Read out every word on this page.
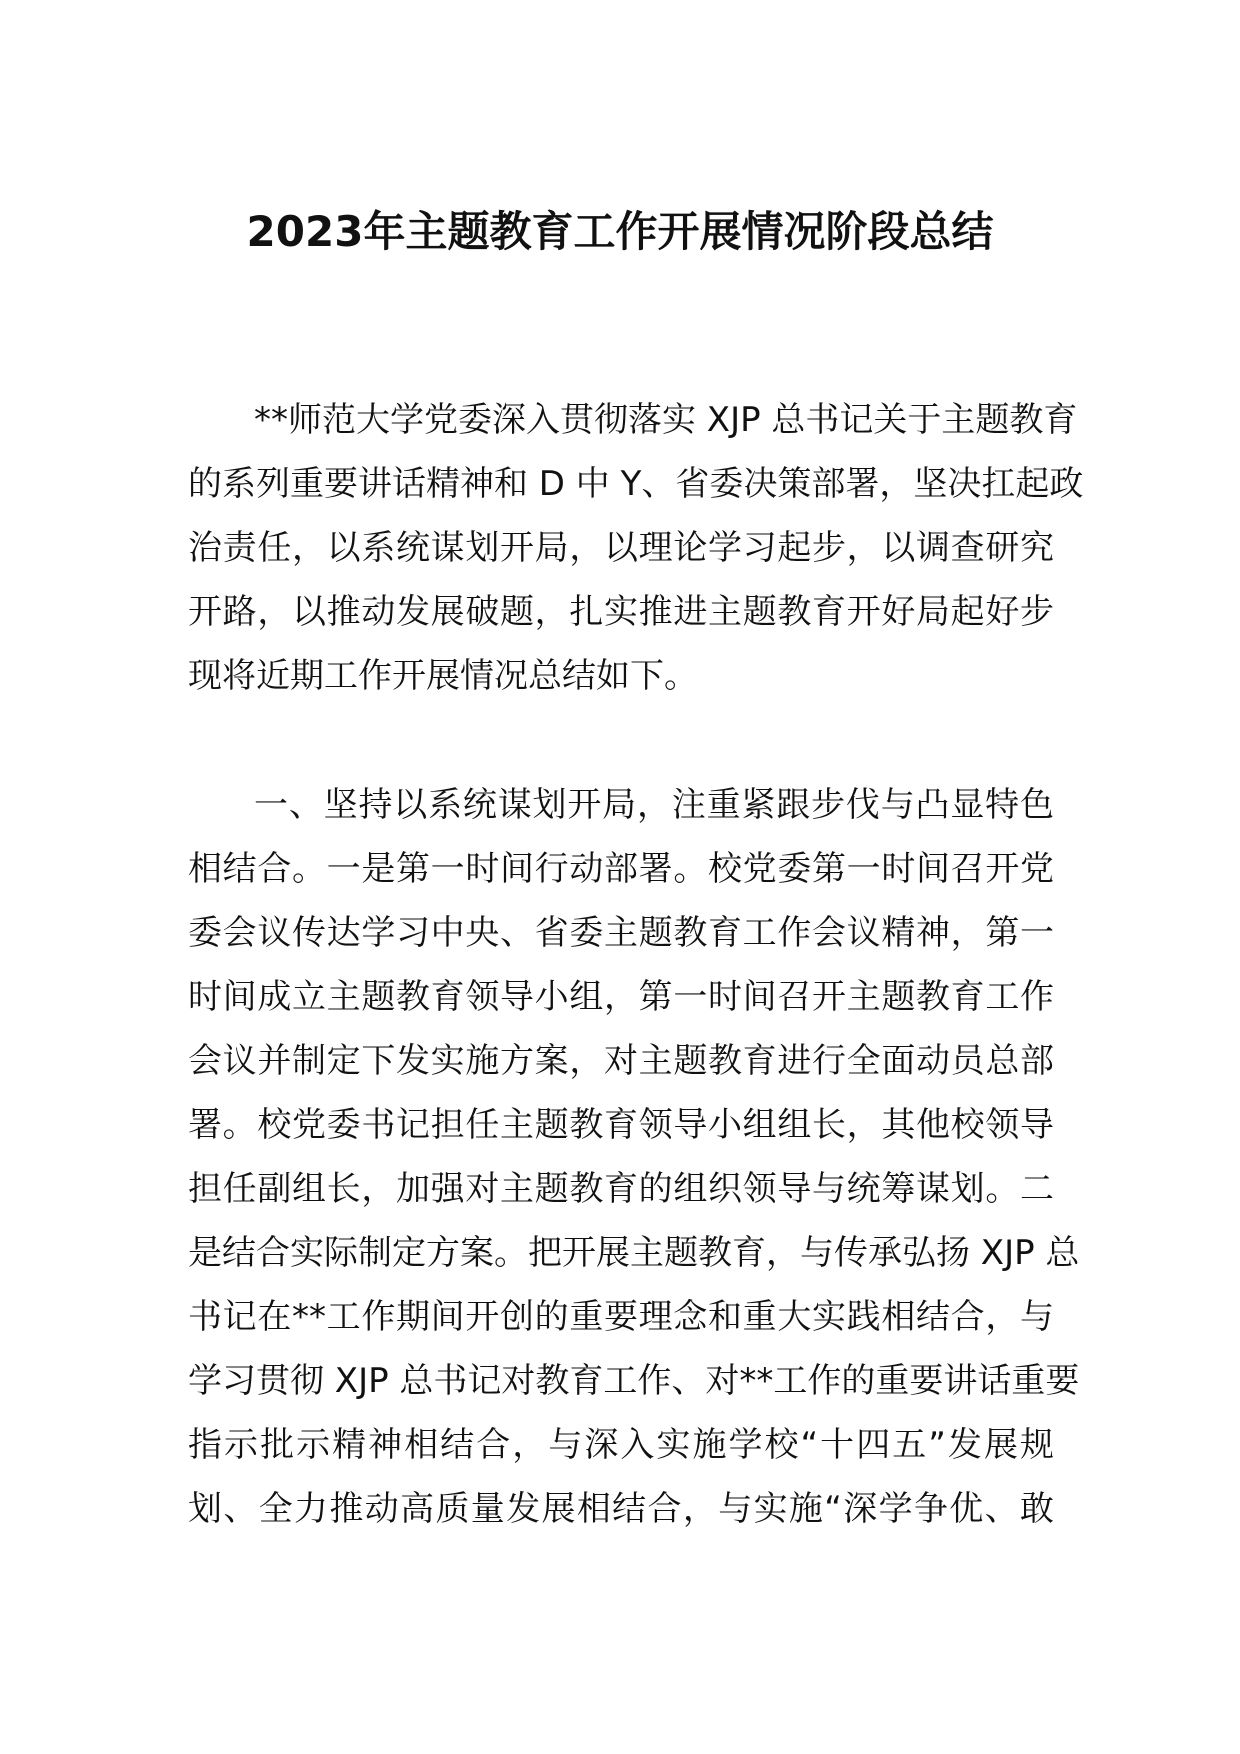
2023年主题教育工作开展情况阶段总结
**师范大学党委深入贯彻落实 XJP 总书记关于主题教育
的系列重要讲话精神和 D 中 Y、省委决策部署，坚决扛起政
治责任，以系统谋划开局，以理论学习起步，以调查研究
开路，以推动发展破题，扎实推进主题教育开好局起好步
现将近期工作开展情况总结如下。
一、坚持以系统谋划开局，注重紧跟步伐与凸显特色
相结合。一是第一时间行动部署。校党委第一时间召开党
委会议传达学习中央、省委主题教育工作会议精神，第一
时间成立主题教育领导小组，第一时间召开主题教育工作
会议并制定下发实施方案，对主题教育进行全面动员总部
署。校党委书记担任主题教育领导小组组长，其他校领导
担任副组长，加强对主题教育的组织领导与统筹谋划。二
是结合实际制定方案。把开展主题教育，与传承弘扬 XJP 总
书记在**工作期间开创的重要理念和重大实践相结合，与
学习贯彻 XJP 总书记对教育工作、对**工作的重要讲话重要
指示批示精神相结合，与深入实施学校“十四五”发展规
划、全力推动高质量发展相结合，与实施“深学争优、敢
